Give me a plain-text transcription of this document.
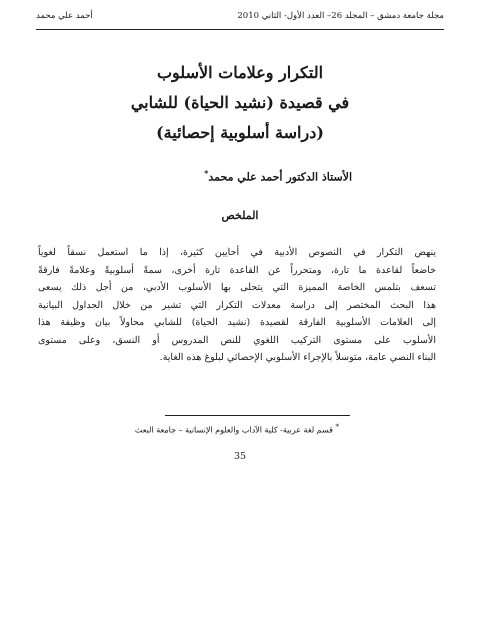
مجلة جامعة دمشق – المجلد 26– العدد الأول- الثاني 2010
أحمد علي محمد
التكرار وعلامات الأسلوب
في قصيدة (نشيد الحياة) للشابي
(دراسة أسلوبية إحصائية)
الأستاذ الدكتور أحمد علي محمد*
الملخص
ينهض التكرار في النصوص الأدبية في أحايين كثيرة، إذا ما استعمل نسقاً لغوياً
خاضعاً لقاعدة ما تارة، ومتحرراً عن القاعدة تارة أخرى، سمةً أسلوبيةً وعلامةً فارقةً
تسعف بتلمس الخاصة المميزة التي يتحلى بها الأسلوب الأدبي، من أجل ذلك يسعى
هذا البحث المختصر إلى دراسة معدلات التكرار التي تشير من خلال الجداول البيانية
إلى العلامات الأسلوبية الفارقة لقصيدة (نشيد الحياة) للشابي محاولاً بيان وظيفة هذا
الأسلوب على مستوى التركيب اللغوي للنص المدروس أو النسق، وعلى مستوى
البناء النصي عامة، متوسلاً بالإجراء الأسلوبي الإحصائي لبلوغ هذه الغاية.
* قسم لغة عربية- كلية الآداب والعلوم الإنسانية – جامعة البعث
35
